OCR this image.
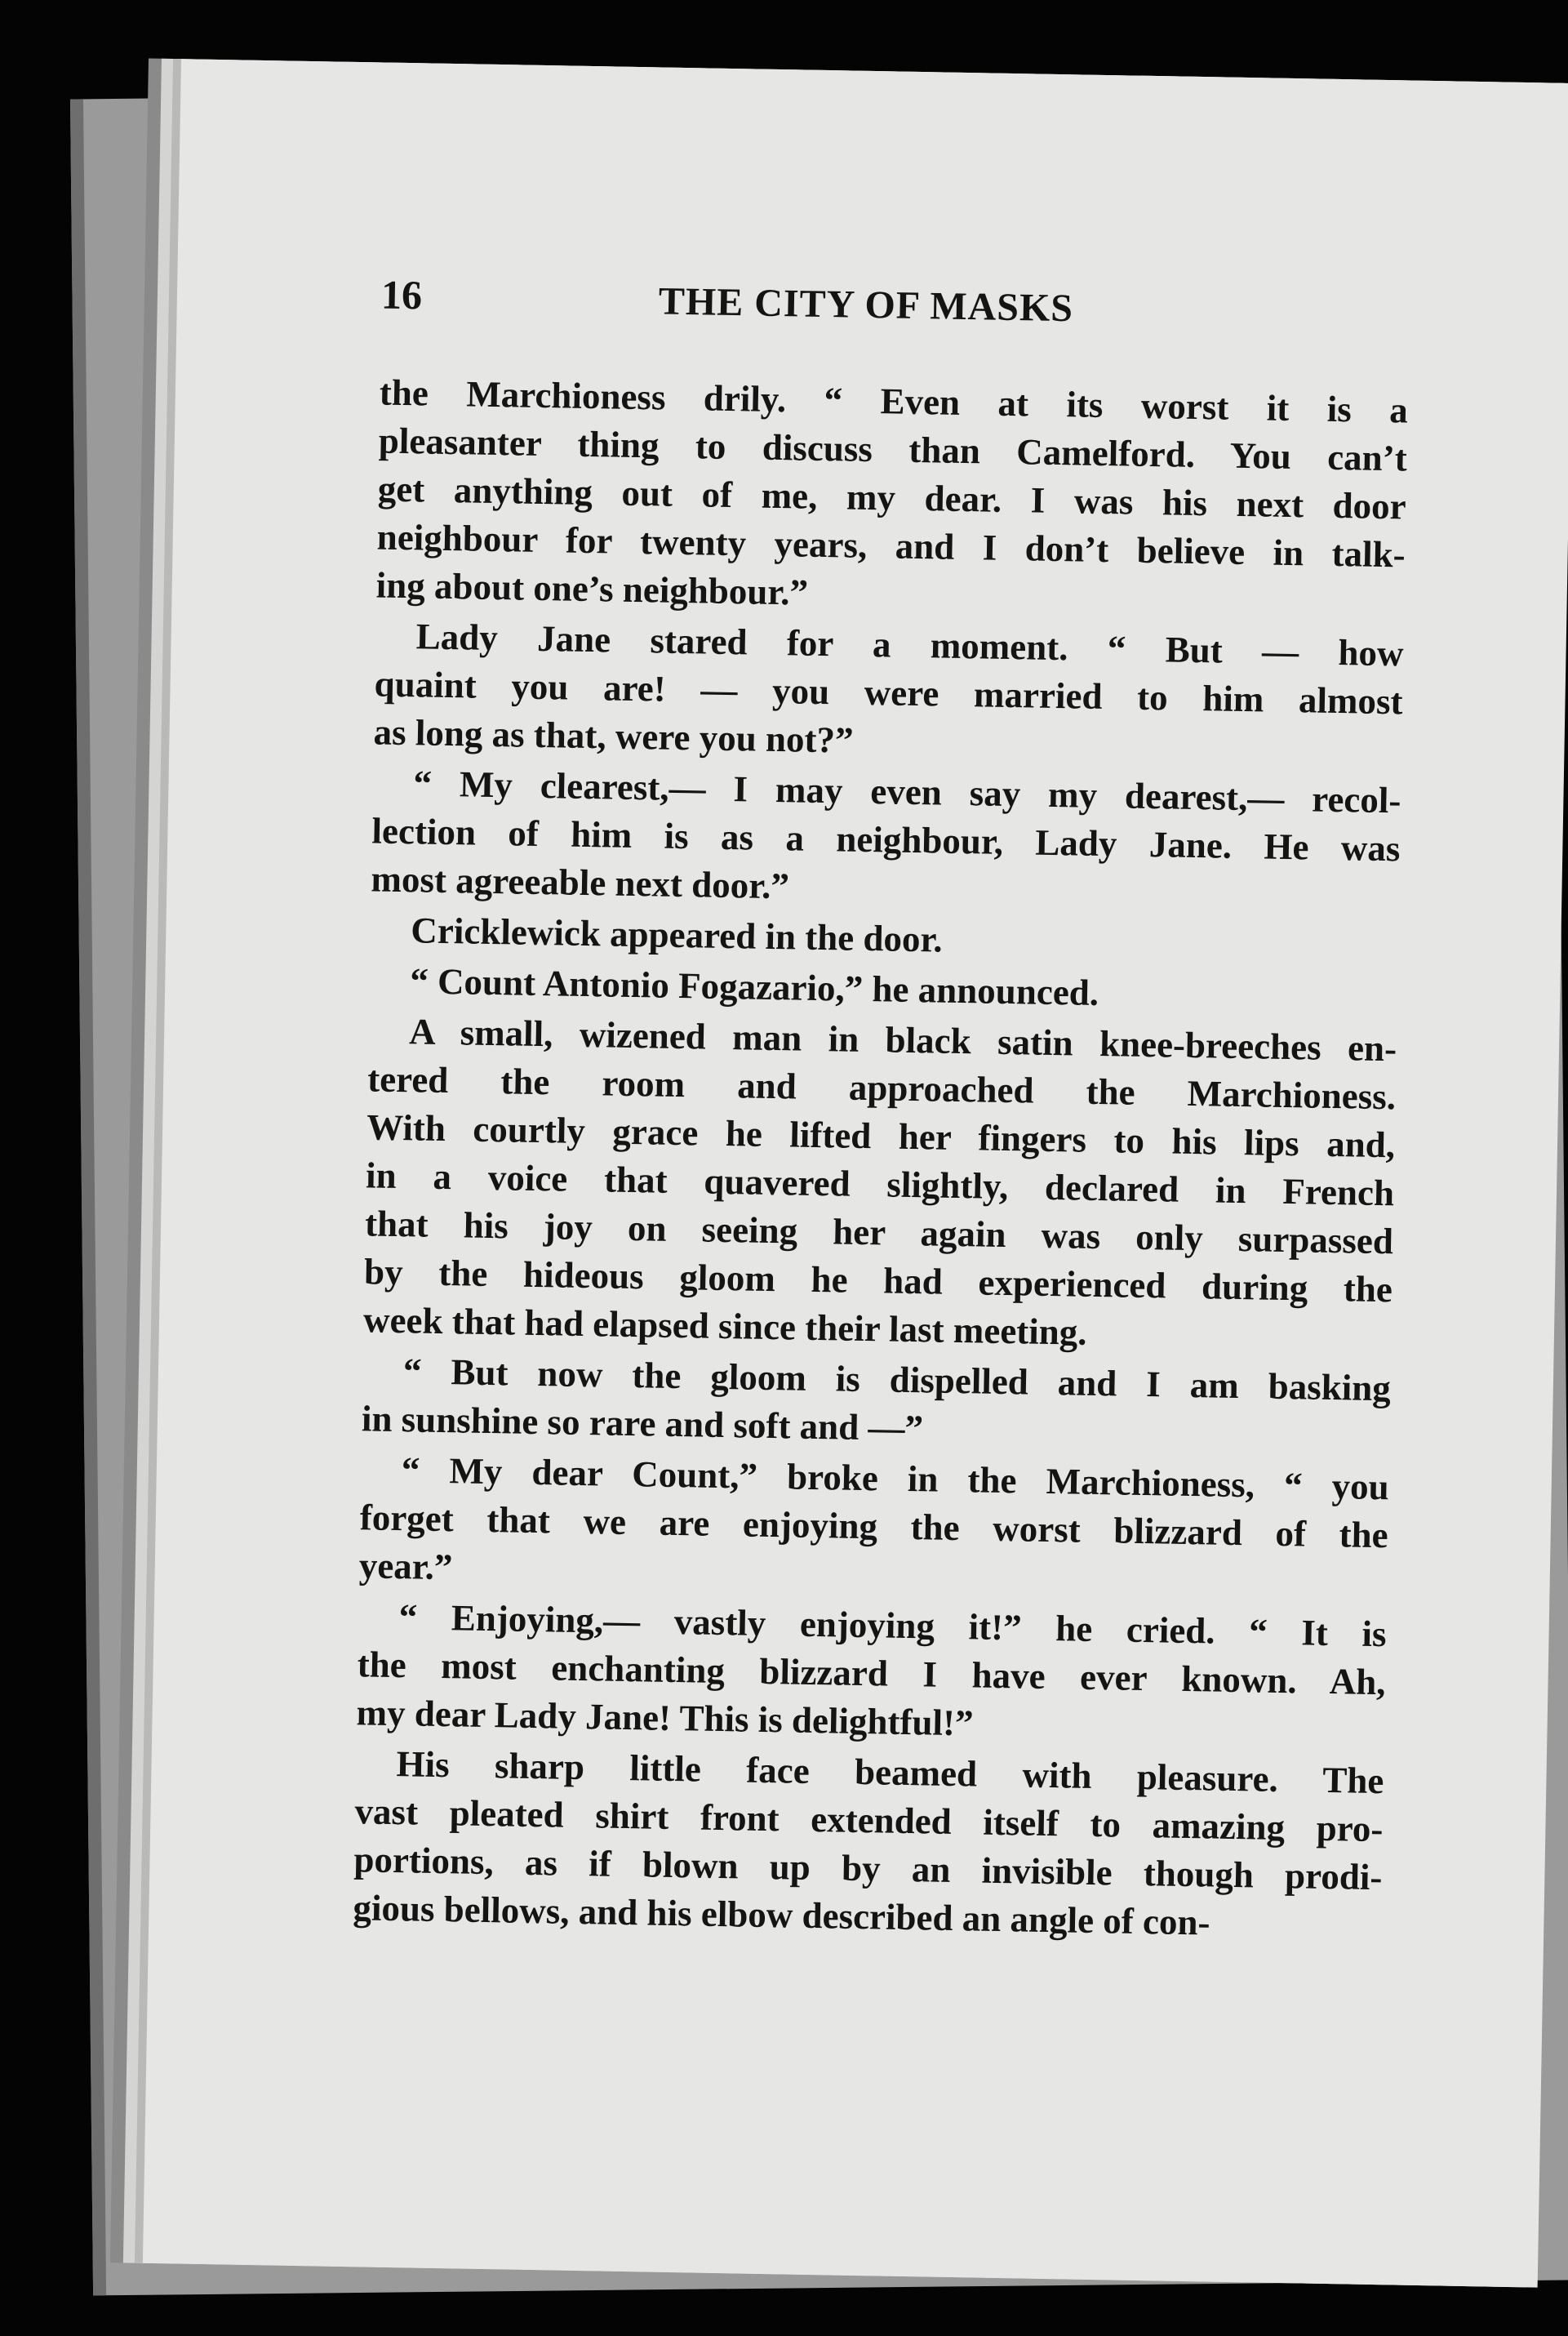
16	THE CITY OF MASKS
the Marchioness drily. “ Even at its worst it is a
pleasanter thing to discuss than Camelford. You can’t
get anything out of me, my dear. I was his next door
neighbour for twenty years, and I don’t believe in talk-
ing about one’s neighbour.”
Lady Jane stared for a moment. “ But — how
quaint you are! — you were married to him almost
as long as that, were you not?”
“ My clearest,— I may even say my dearest,— recol-
lection of him is as a neighbour, Lady Jane. He was
most agreeable next door.”
Cricklewick appeared in the door.
“ Count Antonio Fogazario,” he announced.
A small, wizened man in black satin knee-breeches en-
tered the room and approached the Marchioness.
With courtly grace he lifted her fingers to his lips and,
in a voice that quavered slightly, declared in French
that his joy on seeing her again was only surpassed
by the hideous gloom he had experienced during the
week that had elapsed since their last meeting.
“ But now the gloom is dispelled and I am basking
in sunshine so rare and soft and —”
“ My dear Count,” broke in the Marchioness, “ you
forget that we are enjoying the worst blizzard of the
year.”
“ Enjoying,— vastly enjoying it!” he cried. “ It is
the most enchanting blizzard I have ever known. Ah,
my dear Lady Jane! This is delightful!”
His sharp little face beamed with pleasure. The
vast pleated shirt front extended itself to amazing pro-
portions, as if blown up by an invisible though prodi-
gious bellows, and his elbow described an angle of con-
